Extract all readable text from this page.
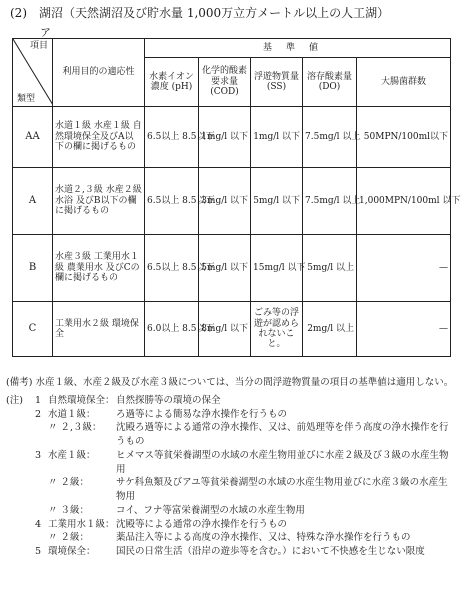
(2)　湖沼（天然湖沼及び貯水量 1,000万立方メートル以上の人工湖）
ア
項目
類型	利用目的の適応性	基準値				
		水素イオン濃度 (pH)	化学的酸素要求量 (COD)	浮遊物質量 (SS)	溶存酸素量 (DO)	大腸菌群数
AA	水道１級 水産１級 自然環境保全及びA以下の欄に掲げるもの	6.5以上 8.5以下	1mg/l 以下	1mg/l 以下	7.5mg/l 以上	50MPN/100ml以下
A	水道２,３級 水産２級 水浴 及びB以下の欄に掲げるもの	6.5以上 8.5以下	3mg/l 以下	5mg/l 以下	7.5mg/l 以上	1,000MPN/100ml 以下
B	水産３級 工業用水１級 農業用水 及びCの欄に掲げるもの	6.5以上 8.5以下	5mg/l 以下	15mg/l 以下	5mg/l 以上	—
C	工業用水２級 環境保全	6.0以上 8.5以下	8mg/l 以下	ごみ等の浮遊が認められないこと。	2mg/l 以上	—
(備考) 水産１級、水産２級及び水産３級については、当分の間浮遊物質量の項目の基準値は適用しない。
(注)	1 自然環境保全： 自然探勝等の環境の保全
2 水道１級：	ろ過等による簡易な浄水操作を行うもの
〃 ２,３級：	沈殿ろ過等による通常の浄水操作、又は、前処理等を伴う高度の浄水操作を行うもの
3 水産１級：	ヒメマス等貧栄養湖型の水域の水産生物用並びに水産２級及び３級の水産生物用
〃 ２級：	サケ科魚類及びアユ等貧栄養湖型の水域の水産生物用並びに水産３級の水産生物用
〃 ３級：	コイ、フナ等富栄養湖型の水域の水産生物用
4 工業用水１級： 沈殿等による通常の浄水操作を行うもの
〃 ２級：	薬品注入等による高度の浄水操作、又は、特殊な浄水操作を行うもの
5 環境保全：	国民の日常生活（沿岸の遊歩等を含む。）において不快感を生じない限度
